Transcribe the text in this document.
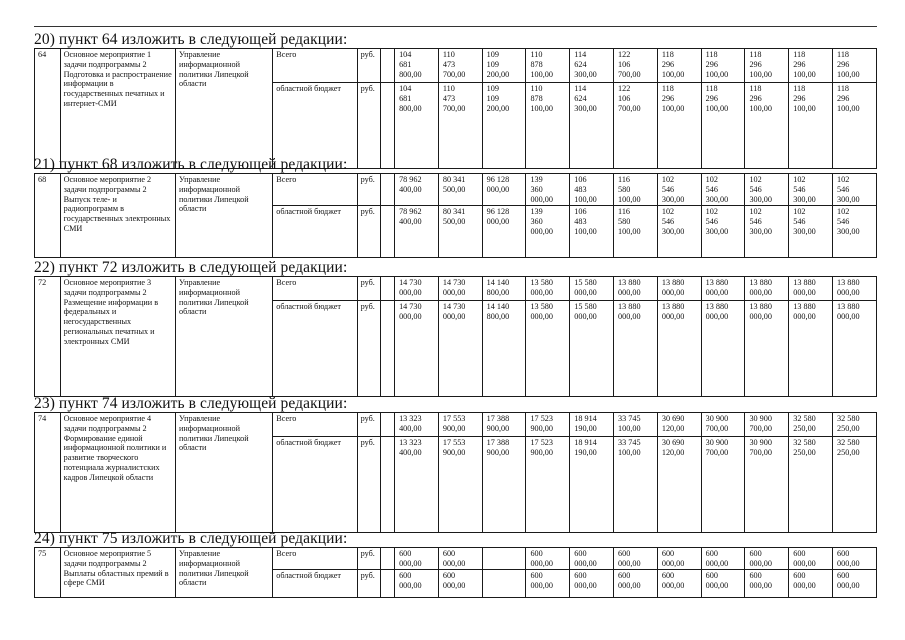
20) пункт 64 изложить в следующей редакции:
64	Основное мероприятие 1 задачи подпрограммы 2 Подготовка и распространение информации в государственных печатных и интернет-СМИ	Управление информационной политики Липецкой области	Всего	руб.		104
681
800,00	110
473
700,00	109
109
200,00	110
878
100,00	114
624
300,00	122
106
700,00	118
296
100,00	118
296
100,00	118
296
100,00	118
296
100,00	118
296
100,00
			областной бюджет	руб.		104
681
800,00	110
473
700,00	109
109
200,00	110
878
100,00	114
624
300,00	122
106
700,00	118
296
100,00	118
296
100,00	118
296
100,00	118
296
100,00	118
296
100,00
21) пункт 68 изложить в следующей редакции:
68	Основное мероприятие 2 задачи подпрограммы 2 Выпуск теле- и радиопрограмм в государственных электронных СМИ	Управление информационной политики Липецкой области	Всего	руб.		78 962
400,00	80 341
500,00	96 128
000,00	139
360
000,00	106
483
100,00	116
580
100,00	102
546
300,00	102
546
300,00	102
546
300,00	102
546
300,00	102
546
300,00
			областной бюджет	руб.		78 962
400,00	80 341
500,00	96 128
000,00	139
360
000,00	106
483
100,00	116
580
100,00	102
546
300,00	102
546
300,00	102
546
300,00	102
546
300,00	102
546
300,00
22) пункт 72 изложить в следующей редакции:
72	Основное мероприятие 3 задачи подпрограммы 2 Размещение информации в федеральных и негосударственных региональных печатных и электронных СМИ	Управление информационной политики Липецкой области	Всего	руб.		14 730
000,00	14 730
000,00	14 140
800,00	13 580
000,00	15 580
000,00	13 880
000,00	13 880
000,00	13 880
000,00	13 880
000,00	13 880
000,00	13 880
000,00
			областной бюджет	руб.		14 730
000,00	14 730
000,00	14 140
800,00	13 580
000,00	15 580
000,00	13 880
000,00	13 880
000,00	13 880
000,00	13 880
000,00	13 880
000,00	13 880
000,00
23) пункт 74 изложить в следующей редакции:
74	Основное мероприятие 4 задачи подпрограммы 2 Формирование единой информационной политики и развитие творческого потенциала журналистских кадров Липецкой области	Управление информационной политики Липецкой области	Всего	руб.		13 323
400,00	17 553
900,00	17 388
900,00	17 523
900,00	18 914
190,00	33 745
100,00	30 690
120,00	30 900
700,00	30 900
700,00	32 580
250,00	32 580
250,00
			областной бюджет	руб.		13 323
400,00	17 553
900,00	17 388
900,00	17 523
900,00	18 914
190,00	33 745
100,00	30 690
120,00	30 900
700,00	30 900
700,00	32 580
250,00	32 580
250,00
24) пункт 75 изложить в следующей редакции:
75	Основное мероприятие 5 задачи подпрограммы 2 Выплаты областных премий в сфере СМИ	Управление информационной политики Липецкой области	Всего	руб.		600
000,00	600
000,00		600
000,00	600
000,00	600
000,00	600
000,00	600
000,00	600
000,00	600
000,00	600
000,00
			областной бюджет	руб.		600
000,00	600
000,00		600
000,00	600
000,00	600
000,00	600
000,00	600
000,00	600
000,00	600
000,00	600
000,00
